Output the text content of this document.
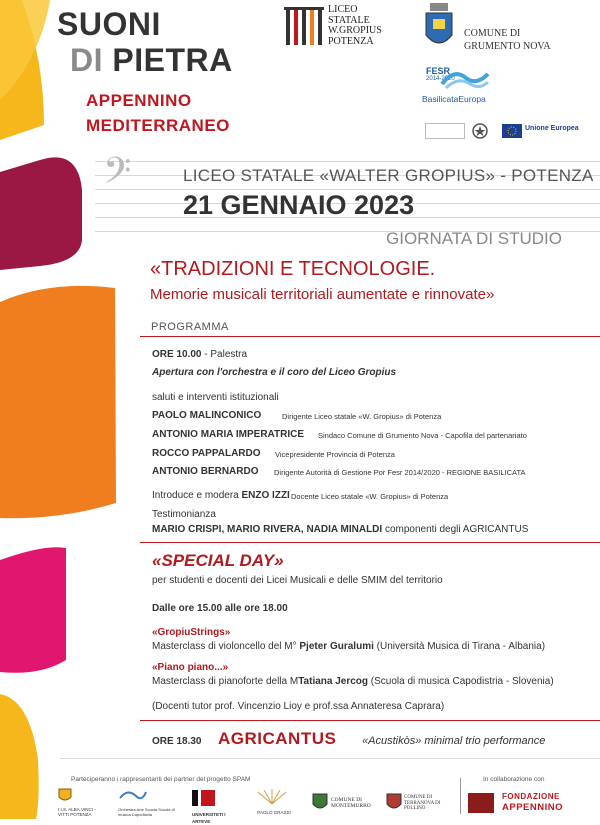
𝄢
SUONI
DI PIETRA
APPENNINO
MEDITERRANEO
LICEO
STATALE
W.GROPIUS
POTENZA
COMUNE DI
GRUMENTO NOVA
FESR
2014-2020
BasilicataEuropa
Unione Europea
LICEO STATALE «WALTER GROPIUS» - POTENZA
21 GENNAIO 2023
GIORNATA DI STUDIO
«TRADIZIONI E TECNOLOGIE.
Memorie musicali territoriali aumentate e rinnovate»
PROGRAMMA
ORE 10.00 - Palestra
Apertura con l'orchestra e il coro del Liceo Gropius
saluti e interventi istituzionali
PAOLO MALINCONICO	Dirigente Liceo statale «W. Gropius» di Potenza
ANTONIO MARIA IMPERATRICE Sindaco Comune di Grumento Nova - Capofila del partenariato
ROCCO PAPPALARDO Vicepresidente Provincia di Potenza
ANTONIO BERNARDO Dirigente Autorità di Gestione Por Fesr 2014/2020 - REGIONE BASILICATA
Introduce e modera ENZO IZZI Docente Liceo statale «W. Gropius» di Potenza
Testimonianza
MARIO CRISPI, MARIO RIVERA, NADIA MINALDI componenti degli AGRICANTUS
«SPECIAL DAY»
per studenti e docenti dei Licei Musicali e delle SMIM del territorio
Dalle ore 15.00 alle ore 18.00
«GropiuStrings»
Masterclass di violoncello del M° Pjeter Guralumi (Università Musica di Tirana - Albania)
«Piano piano...»
Masterclass di pianoforte della MTatiana Jercog (Scuola di musica Capodistria - Slovenia)
(Docenti tutor prof. Vincenzio Lioy e prof.ssa Annateresa Caprara)
ORE 18.30 AGRICANTUS «Acustikòs» minimal trio performance
Parteciperanno i rappresentanti dei partner del progetto SPAM	In collaborazione con
I.I.S. ALBA.VINCI - VITTI POTENZA
Orchestra Arte Scuola Scuola di musica Capodistria	UNIVERSITETI I ARTEVE
PAOLO GRASSI
COMUNE DI MONTEMURRO
COMUNE DI TERRANOVA DI POLLINO
FONDAZIONE
APPENNINO
